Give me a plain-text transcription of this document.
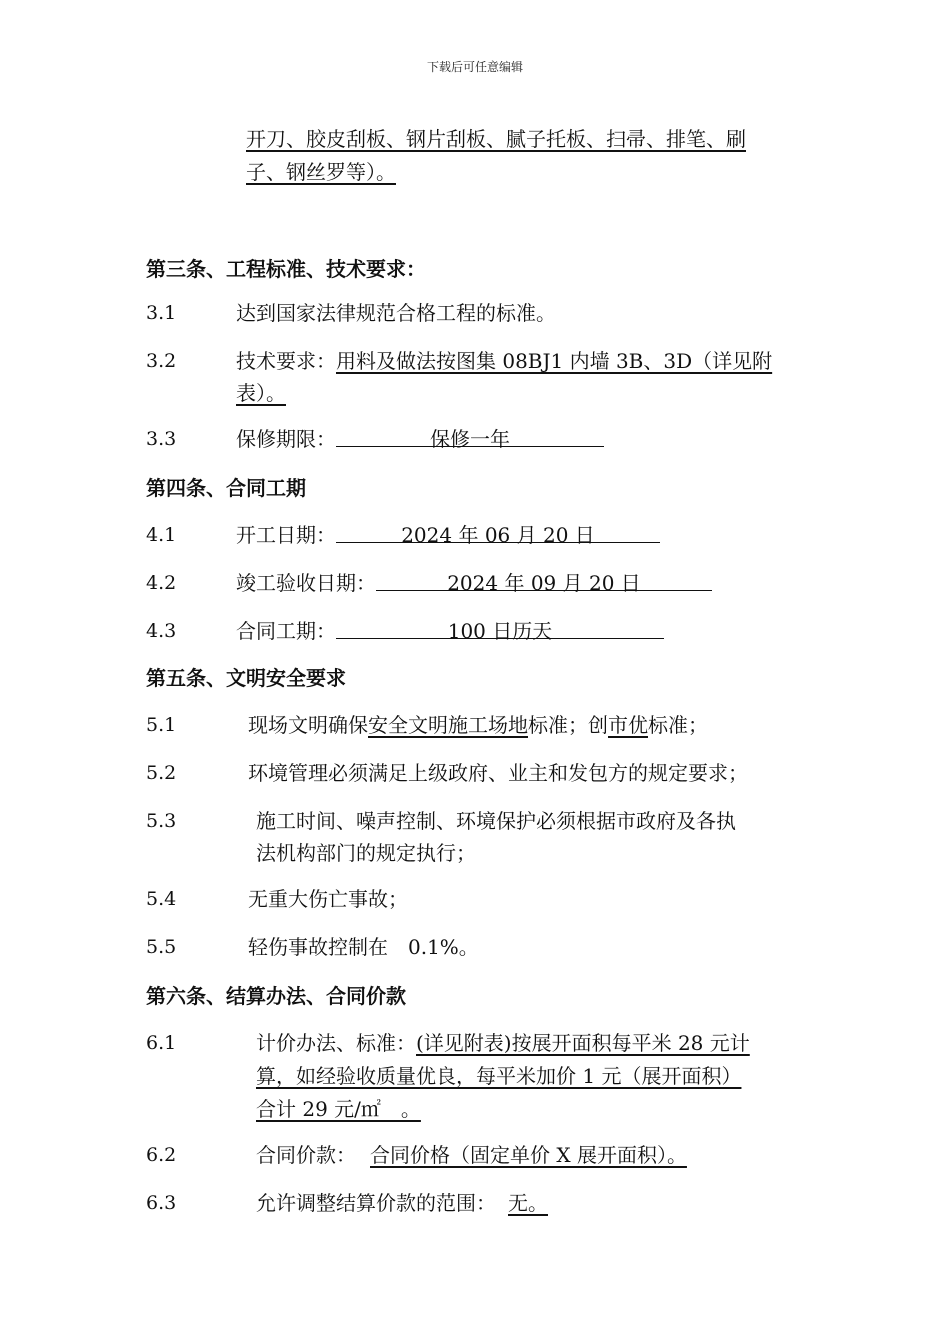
下载后可任意编辑
开刀、胶皮刮板、钢片刮板、腻子托板、扫帚、排笔、刷
子、钢丝罗等）。
第三条、工程标准、技术要求：
3.1	达到国家法律规范合格工程的标准。
3.2	技术要求：用料及做法按图集 08BJ1 内墙 3B、3D（详见附
表）。
3.3	保修期限：	保修一年
第四条、合同工期
4.1	开工日期：	2024 年 06 月 20 日
4.2	竣工验收日期：	2024 年 09 月 20 日
4.3	合同工期：	100 日历天
第五条、文明安全要求
5.1	现场文明确保安全文明施工场地标准；创市优标准；
5.2	环境管理必须满足上级政府、业主和发包方的规定要求；
5.3	施工时间、噪声控制、环境保护必须根据市政府及各执
法机构部门的规定执行；
5.4	无重大伤亡事故；
5.5	轻伤事故控制在　0.1%。
第六条、结算办法、合同价款
6.1	计价办法、标准：(详见附表)按展开面积每平米 28 元计
算，如经验收质量优良，每平米加价 1 元（展开面积）
合计 29 元/㎡　。
6.2	合同价款： 合同价格（固定单价 X 展开面积）。
6.3	允许调整结算价款的范围： 无。
